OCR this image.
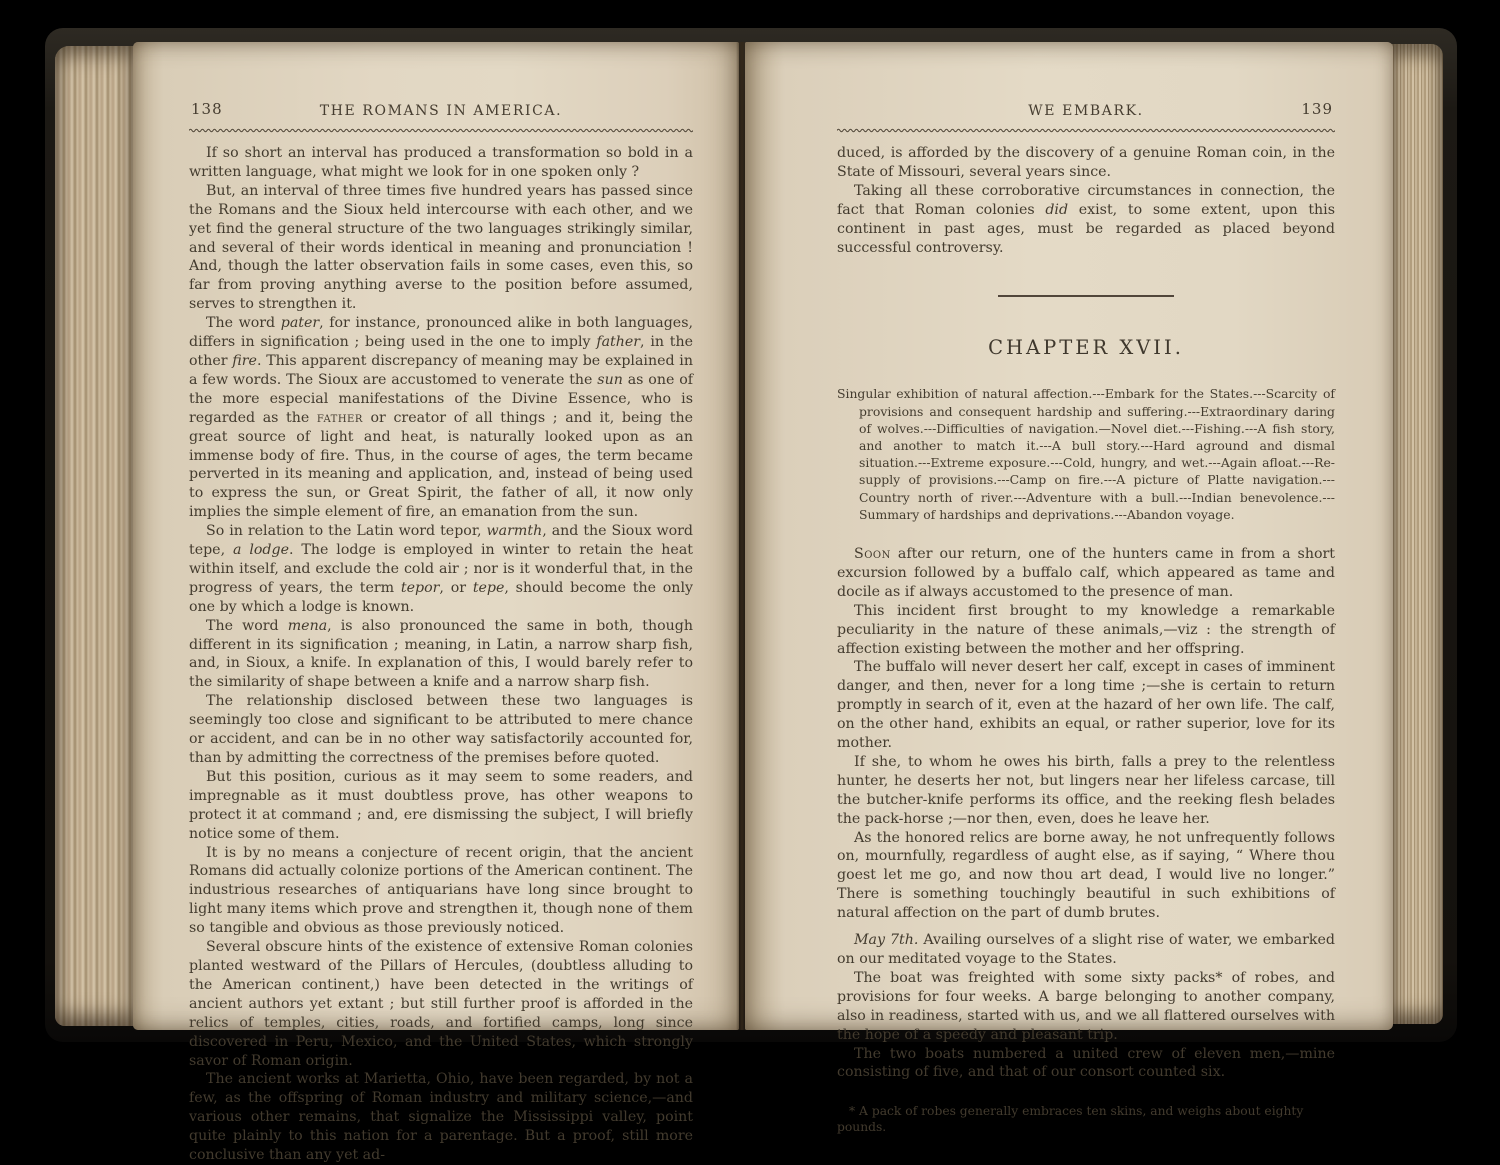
138	THE ROMANS IN AMERICA.

If so short an interval has produced a transformation so bold in a written language, what might we look for in one spoken only ?

But, an interval of three times five hundred years has passed since the Romans and the Sioux held intercourse with each other, and we yet find the general structure of the two languages strikingly similar, and several of their words identical in meaning and pronunciation ! And, though the latter observation fails in some cases, even this, so far from proving anything averse to the position before assumed, serves to strengthen it.

The word pater, for instance, pronounced alike in both languages, differs in signification ; being used in the one to imply father, in the other fire. This apparent discrepancy of meaning may be explained in a few words. The Sioux are accustomed to venerate the sun as one of the more especial manifestations of the Divine Essence, who is regarded as the father or creator of all things ; and it, being the great source of light and heat, is naturally looked upon as an immense body of fire. Thus, in the course of ages, the term became perverted in its meaning and application, and, instead of being used to express the sun, or Great Spirit, the father of all, it now only implies the simple element of fire, an emanation from the sun.

So in relation to the Latin word tepor, warmth, and the Sioux word tepe, a lodge. The lodge is employed in winter to retain the heat within itself, and exclude the cold air ; nor is it wonderful that, in the progress of years, the term tepor, or tepe, should become the only one by which a lodge is known.

The word mena, is also pronounced the same in both, though different in its signification ; meaning, in Latin, a narrow sharp fish, and, in Sioux, a knife. In explanation of this, I would barely refer to the similarity of shape between a knife and a narrow sharp fish.

The relationship disclosed between these two languages is seemingly too close and significant to be attributed to mere chance or accident, and can be in no other way satisfactorily accounted for, than by admitting the correctness of the premises before quoted.

But this position, curious as it may seem to some readers, and impregnable as it must doubtless prove, has other weapons to protect it at command ; and, ere dismissing the subject, I will briefly notice some of them.

It is by no means a conjecture of recent origin, that the ancient Romans did actually colonize portions of the American continent. The industrious researches of antiquarians have long since brought to light many items which prove and strengthen it, though none of them so tangible and obvious as those previously noticed.

Several obscure hints of the existence of extensive Roman colonies planted westward of the Pillars of Hercules, (doubtless alluding to the American continent,) have been detected in the writings of ancient authors yet extant ; but still further proof is afforded in the relics of temples, cities, roads, and fortified camps, long since discovered in Peru, Mexico, and the United States, which strongly savor of Roman origin.

The ancient works at Marietta, Ohio, have been regarded, by not a few, as the offspring of Roman industry and military science,—and various other remains, that signalize the Mississippi valley, point quite plainly to this nation for a parentage. But a proof, still more conclusive than any yet ad-

WE EMBARK.	139

duced, is afforded by the discovery of a genuine Roman coin, in the State of Missouri, several years since.

Taking all these corroborative circumstances in connection, the fact that Roman colonies did exist, to some extent, upon this continent in past ages, must be regarded as placed beyond successful controversy.

CHAPTER XVII.
Singular exhibition of natural affection.---Embark for the States.---Scarcity of provisions and consequent hardship and suffering.---Extraordinary daring of wolves.---Difficulties of navigation.—Novel diet.---Fishing.---A fish story, and another to match it.---A bull story.---Hard aground and dismal situation.---Extreme exposure.---Cold, hungry, and wet.---Again afloat.---Re-supply of provisions.---Camp on fire.---A picture of Platte navigation.---Country north of river.---Adventure with a bull.---Indian benevolence.---Summary of hardships and deprivations.---Abandon voyage.

Soon after our return, one of the hunters came in from a short excursion followed by a buffalo calf, which appeared as tame and docile as if always accustomed to the presence of man.

This incident first brought to my knowledge a remarkable peculiarity in the nature of these animals,—viz : the strength of affection existing between the mother and her offspring.

The buffalo will never desert her calf, except in cases of imminent danger, and then, never for a long time ;—she is certain to return promptly in search of it, even at the hazard of her own life. The calf, on the other hand, exhibits an equal, or rather superior, love for its mother.

If she, to whom he owes his birth, falls a prey to the relentless hunter, he deserts her not, but lingers near her lifeless carcase, till the butcher-knife performs its office, and the reeking flesh belades the pack-horse ;—nor then, even, does he leave her.

As the honored relics are borne away, he not unfrequently follows on, mournfully, regardless of aught else, as if saying, “ Where thou goest let me go, and now thou art dead, I would live no longer.” There is something touchingly beautiful in such exhibitions of natural affection on the part of dumb brutes.

May 7th. Availing ourselves of a slight rise of water, we embarked on our meditated voyage to the States.

The boat was freighted with some sixty packs* of robes, and provisions for four weeks. A barge belonging to another company, also in readiness, started with us, and we all flattered ourselves with the hope of a speedy and pleasant trip.

The two boats numbered a united crew of eleven men,—mine consisting of five, and that of our consort counted six.

* A pack of robes generally embraces ten skins, and weighs about eighty pounds.
